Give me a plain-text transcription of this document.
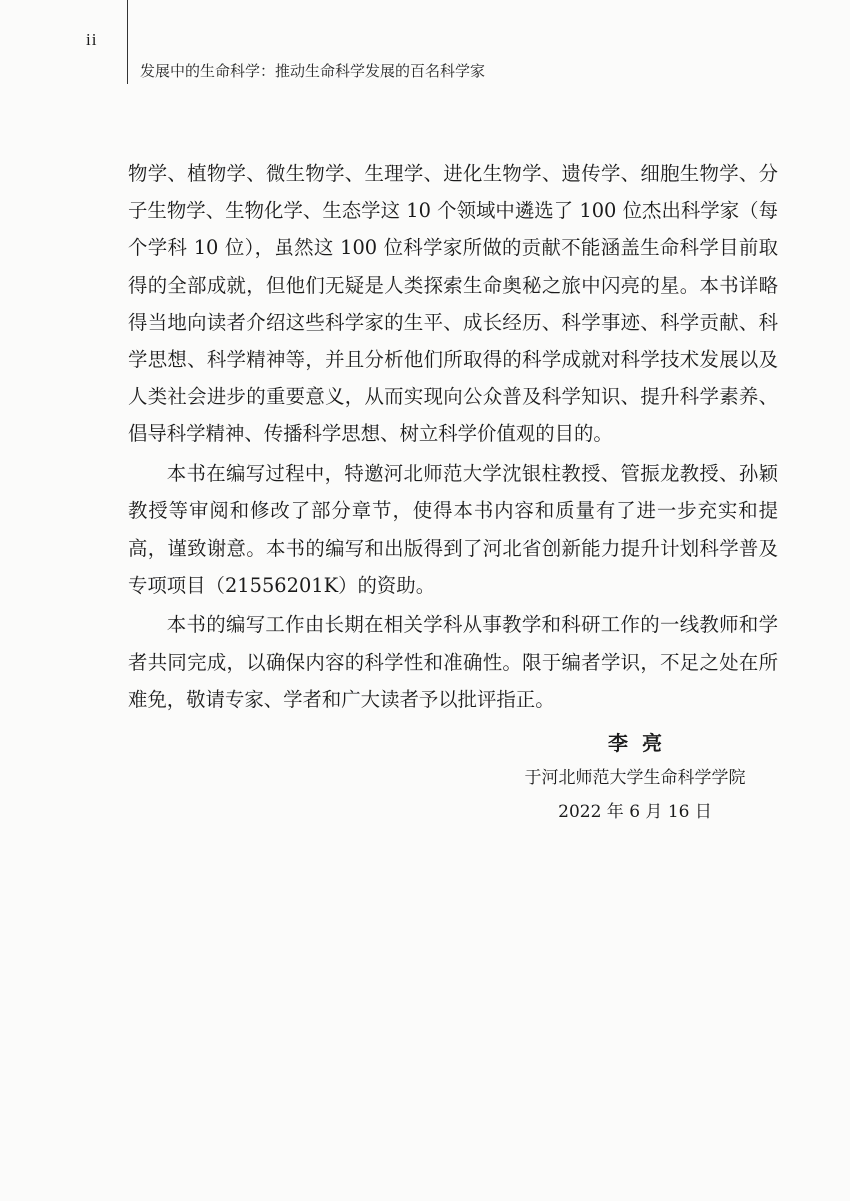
ii
发展中的生命科学：推动生命科学发展的百名科学家

物学、植物学、微生物学、生理学、进化生物学、遗传学、细胞生物学、分子生物学、生物化学、生态学这 10 个领域中遴选了 100 位杰出科学家（每个学科 10 位），虽然这 100 位科学家所做的贡献不能涵盖生命科学目前取得的全部成就，但他们无疑是人类探索生命奥秘之旅中闪亮的星。本书详略得当地向读者介绍这些科学家的生平、成长经历、科学事迹、科学贡献、科学思想、科学精神等，并且分析他们所取得的科学成就对科学技术发展以及人类社会进步的重要意义，从而实现向公众普及科学知识、提升科学素养、倡导科学精神、传播科学思想、树立科学价值观的目的。

本书在编写过程中，特邀河北师范大学沈银柱教授、管振龙教授、孙颖教授等审阅和修改了部分章节，使得本书内容和质量有了进一步充实和提高，谨致谢意。本书的编写和出版得到了河北省创新能力提升计划科学普及专项项目（21556201K）的资助。

本书的编写工作由长期在相关学科从事教学和科研工作的一线教师和学者共同完成，以确保内容的科学性和准确性。限于编者学识，不足之处在所难免，敬请专家、学者和广大读者予以批评指正。

李亮
于河北师范大学生命科学学院
2022 年 6 月 16 日
